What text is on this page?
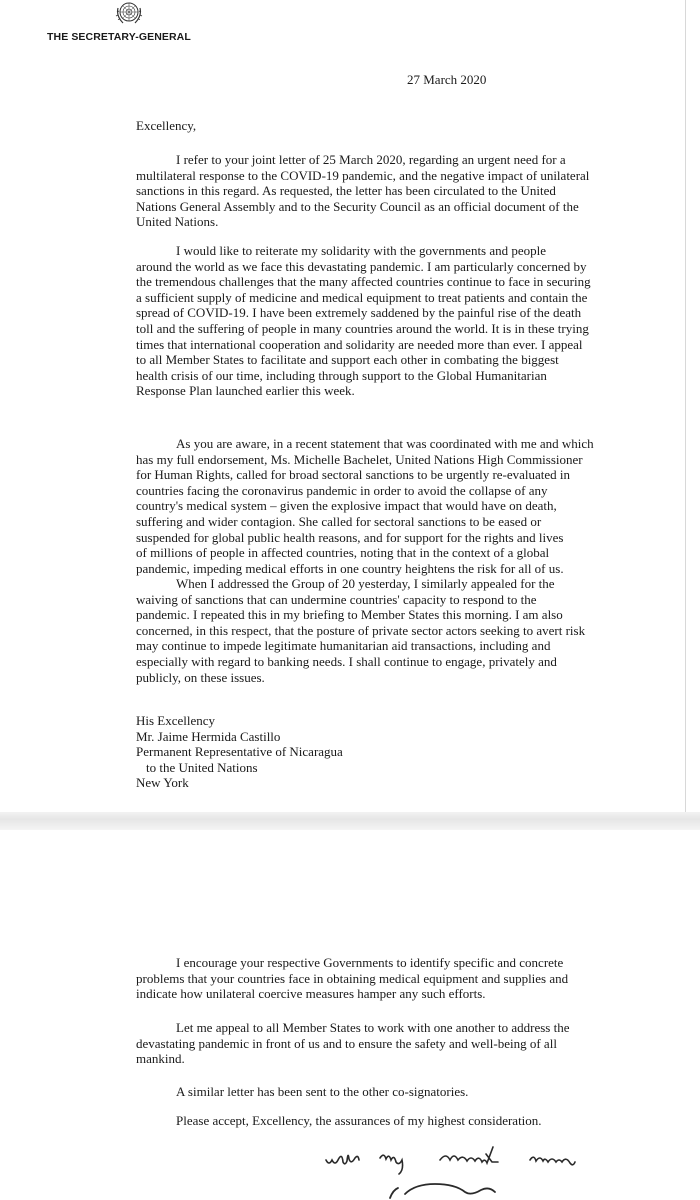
THE SECRETARY-GENERAL
27 March 2020
Excellency,
I refer to your joint letter of 25 March 2020, regarding an urgent need for a
multilateral response to the COVID-19 pandemic, and the negative impact of unilateral
sanctions in this regard. As requested, the letter has been circulated to the United
Nations General Assembly and to the Security Council as an official document of the
United Nations.
I would like to reiterate my solidarity with the governments and people
around the world as we face this devastating pandemic. I am particularly concerned by
the tremendous challenges that the many affected countries continue to face in securing
a sufficient supply of medicine and medical equipment to treat patients and contain the
spread of COVID-19. I have been extremely saddened by the painful rise of the death
toll and the suffering of people in many countries around the world. It is in these trying
times that international cooperation and solidarity are needed more than ever. I appeal
to all Member States to facilitate and support each other in combating the biggest
health crisis of our time, including through support to the Global Humanitarian
Response Plan launched earlier this week.
As you are aware, in a recent statement that was coordinated with me and which
has my full endorsement, Ms. Michelle Bachelet, United Nations High Commissioner
for Human Rights, called for broad sectoral sanctions to be urgently re-evaluated in
countries facing the coronavirus pandemic in order to avoid the collapse of any
country's medical system – given the explosive impact that would have on death,
suffering and wider contagion. She called for sectoral sanctions to be eased or
suspended for global public health reasons, and for support for the rights and lives
of millions of people in affected countries, noting that in the context of a global
pandemic, impeding medical efforts in one country heightens the risk for all of us.
When I addressed the Group of 20 yesterday, I similarly appealed for the
waiving of sanctions that can undermine countries' capacity to respond to the
pandemic. I repeated this in my briefing to Member States this morning. I am also
concerned, in this respect, that the posture of private sector actors seeking to avert risk
may continue to impede legitimate humanitarian aid transactions, including and
especially with regard to banking needs. I shall continue to engage, privately and
publicly, on these issues.
His Excellency
Mr. Jaime Hermida Castillo
Permanent Representative of Nicaragua
to the United Nations
New York
I encourage your respective Governments to identify specific and concrete
problems that your countries face in obtaining medical equipment and supplies and
indicate how unilateral coercive measures hamper any such efforts.
Let me appeal to all Member States to work with one another to address the
devastating pandemic in front of us and to ensure the safety and well-being of all
mankind.
A similar letter has been sent to the other co-signatories.
Please accept, Excellency, the assurances of my highest consideration.
